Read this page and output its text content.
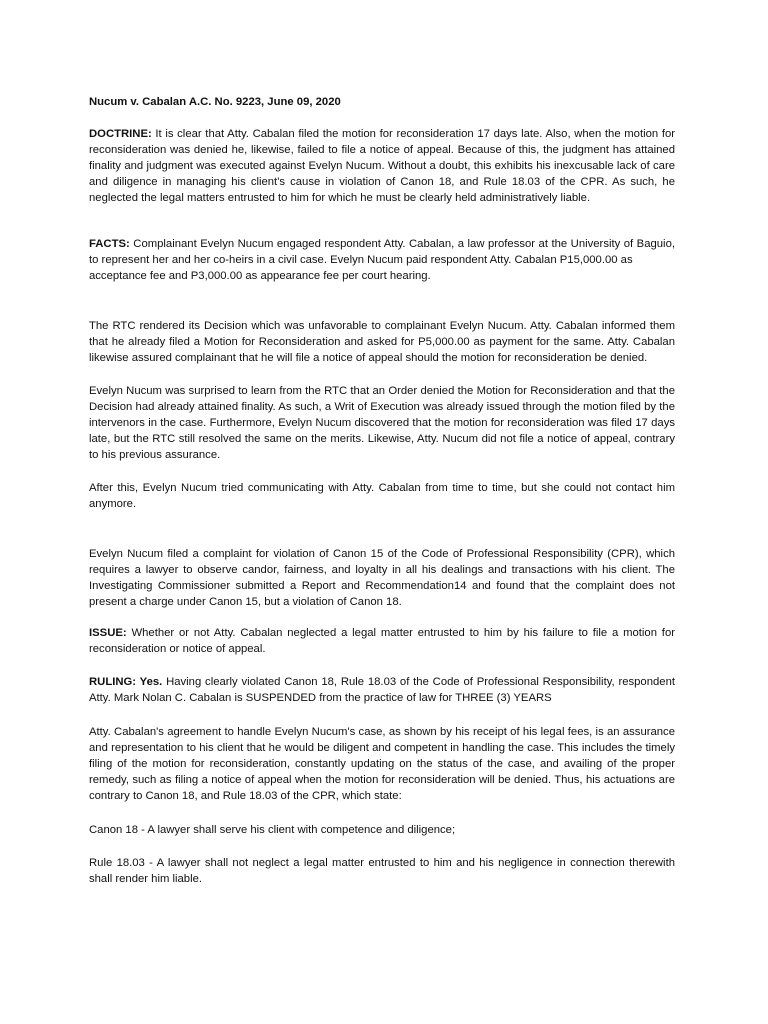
Nucum v. Cabalan A.C. No. 9223, June 09, 2020

DOCTRINE: It is clear that Atty. Cabalan filed the motion for reconsideration 17 days late. Also, when the motion for reconsideration was denied he, likewise, failed to file a notice of appeal. Because of this, the judgment has attained finality and judgment was executed against Evelyn Nucum. Without a doubt, this exhibits his inexcusable lack of care and diligence in managing his client's cause in violation of Canon 18, and Rule 18.03 of the CPR. As such, he neglected the legal matters entrusted to him for which he must be clearly held administratively liable.

FACTS: Complainant Evelyn Nucum engaged respondent Atty. Cabalan, a law professor at the University of Baguio, to represent her and her co-heirs in a civil case. Evelyn Nucum paid respondent Atty. Cabalan P15,000.00 as

acceptance fee and P3,000.00 as appearance fee per court hearing.

The RTC rendered its Decision which was unfavorable to complainant Evelyn Nucum. Atty. Cabalan informed them that he already filed a Motion for Reconsideration and asked for P5,000.00 as payment for the same. Atty. Cabalan likewise assured complainant that he will file a notice of appeal should the motion for reconsideration be denied.

Evelyn Nucum was surprised to learn from the RTC that an Order denied the Motion for Reconsideration and that the Decision had already attained finality. As such, a Writ of Execution was already issued through the motion filed by the intervenors in the case. Furthermore, Evelyn Nucum discovered that the motion for reconsideration was filed 17 days late, but the RTC still resolved the same on the merits. Likewise, Atty. Nucum did not file a notice of appeal, contrary to his previous assurance.

After this, Evelyn Nucum tried communicating with Atty. Cabalan from time to time, but she could not contact him anymore.

Evelyn Nucum filed a complaint for violation of Canon 15 of the Code of Professional Responsibility (CPR), which requires a lawyer to observe candor, fairness, and loyalty in all his dealings and transactions with his client. The Investigating Commissioner submitted a Report and Recommendation14 and found that the complaint does not present a charge under Canon 15, but a violation of Canon 18.

ISSUE: Whether or not Atty. Cabalan neglected a legal matter entrusted to him by his failure to file a motion for reconsideration or notice of appeal.

RULING: Yes. Having clearly violated Canon 18, Rule 18.03 of the Code of Professional Responsibility, respondent Atty. Mark Nolan C. Cabalan is SUSPENDED from the practice of law for THREE (3) YEARS

Atty. Cabalan's agreement to handle Evelyn Nucum's case, as shown by his receipt of his legal fees, is an assurance and representation to his client that he would be diligent and competent in handling the case. This includes the timely filing of the motion for reconsideration, constantly updating on the status of the case, and availing of the proper remedy, such as filing a notice of appeal when the motion for reconsideration will be denied. Thus, his actuations are contrary to Canon 18, and Rule 18.03 of the CPR, which state:

Canon 18 - A lawyer shall serve his client with competence and diligence;

Rule 18.03 - A lawyer shall not neglect a legal matter entrusted to him and his negligence in connection therewith shall render him liable.
